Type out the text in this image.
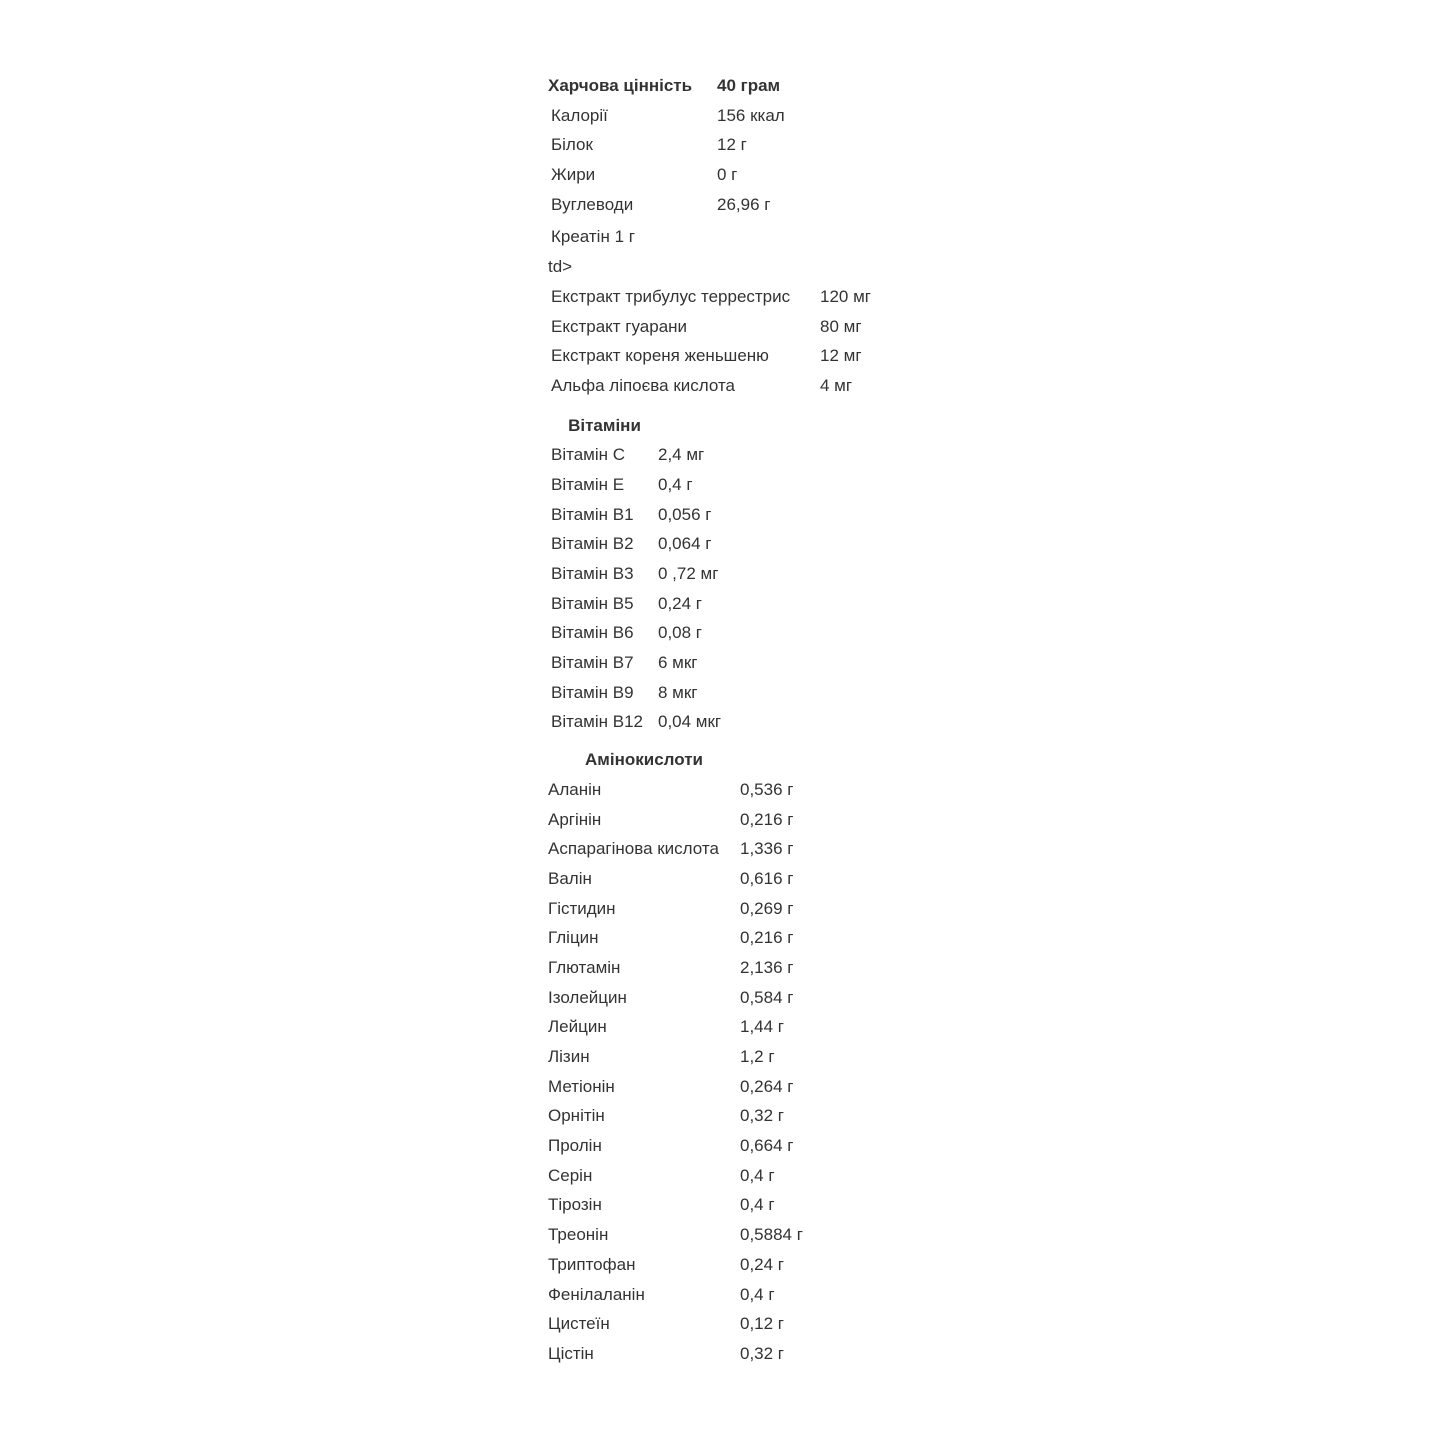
Харчова цінність	40 грам
Калорії	156 ккал
Білок	12 г
Жири	0 г
Вуглеводи	26,96 г
Креатін 1 г
td>
Екстракт трибулус террестрис	120 мг
Екстракт гуарани	80 мг
Екстракт кореня женьшеню	12 мг
Альфа ліпоєва кислота	4 мг
Вітаміни
Вітамін C	2,4 мг
Вітамін E	0,4 г
Вітамін B1	0,056 г
Вітамін B2	0,064 г
Вітамін B3	0 ,72 мг
Вітамін B5	0,24 г
Вітамін B6	0,08 г
Вітамін B7	6 мкг
Вітамін B9	8 мкг
Вітамін B12 0,04 мкг
Амінокислоти
Аланін	0,536 г
Аргінін	0,216 г
Аспарагінова кислота	1,336 г
Валін	0,616 г
Гістидин	0,269 г
Гліцин	0,216 г
Глютамін	2,136 г
Ізолейцин	0,584 г
Лейцин	1,44 г
Лізин	1,2 г
Метіонін	0,264 г
Орнітін	0,32 г
Пролін	0,664 г
Серін	0,4 г
Тірозін	0,4 г
Треонін	0,5884 г
Триптофан	0,24 г
Фенілаланін	0,4 г
Цистеїн	0,12 г
Цістін	0,32 г
